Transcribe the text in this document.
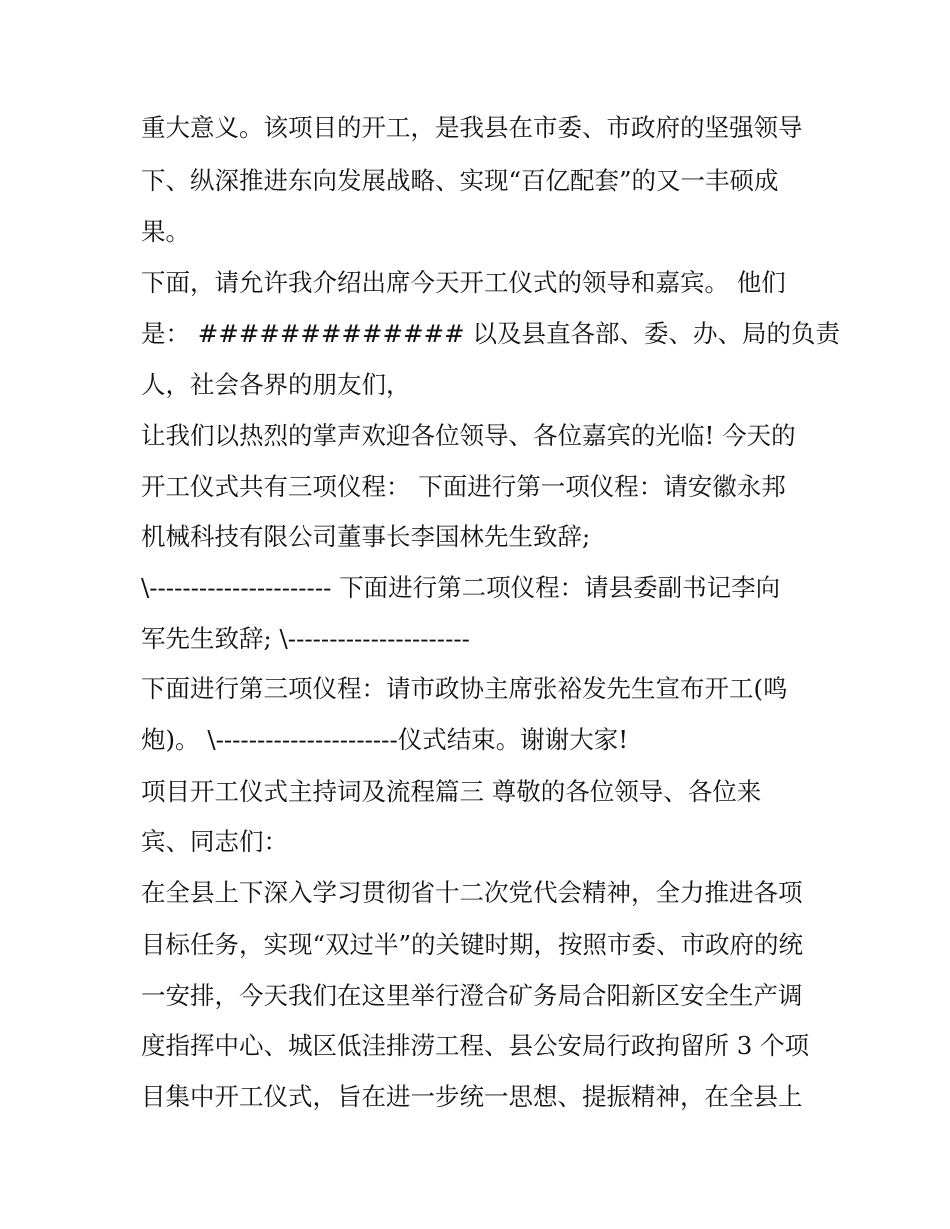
重大意义。该项目的开工，是我县在市委、市政府的坚强领导
下、纵深推进东向发展战略、实现“百亿配套”的又一丰硕成
果。
下面，请允许我介绍出席今天开工仪式的领导和嘉宾。 他们
是： ############# 以及县直各部、委、办、局的负责
人，社会各界的朋友们，
让我们以热烈的掌声欢迎各位领导、各位嘉宾的光临! 今天的
开工仪式共有三项仪程： 下面进行第一项仪程：请安徽永邦
机械科技有限公司董事长李国林先生致辞;
\---------------------- 下面进行第二项仪程：请县委副书记李向
军先生致辞; \----------------------
下面进行第三项仪程：请市政协主席张裕发先生宣布开工(鸣
炮)。 \----------------------仪式结束。谢谢大家!
项目开工仪式主持词及流程篇三 尊敬的各位领导、各位来
宾、同志们：
在全县上下深入学习贯彻省十二次党代会精神，全力推进各项
目标任务，实现“双过半”的关键时期，按照市委、市政府的统
一安排，今天我们在这里举行澄合矿务局合阳新区安全生产调
度指挥中心、城区低洼排涝工程、县公安局行政拘留所 3 个项
目集中开工仪式，旨在进一步统一思想、提振精神，在全县上
